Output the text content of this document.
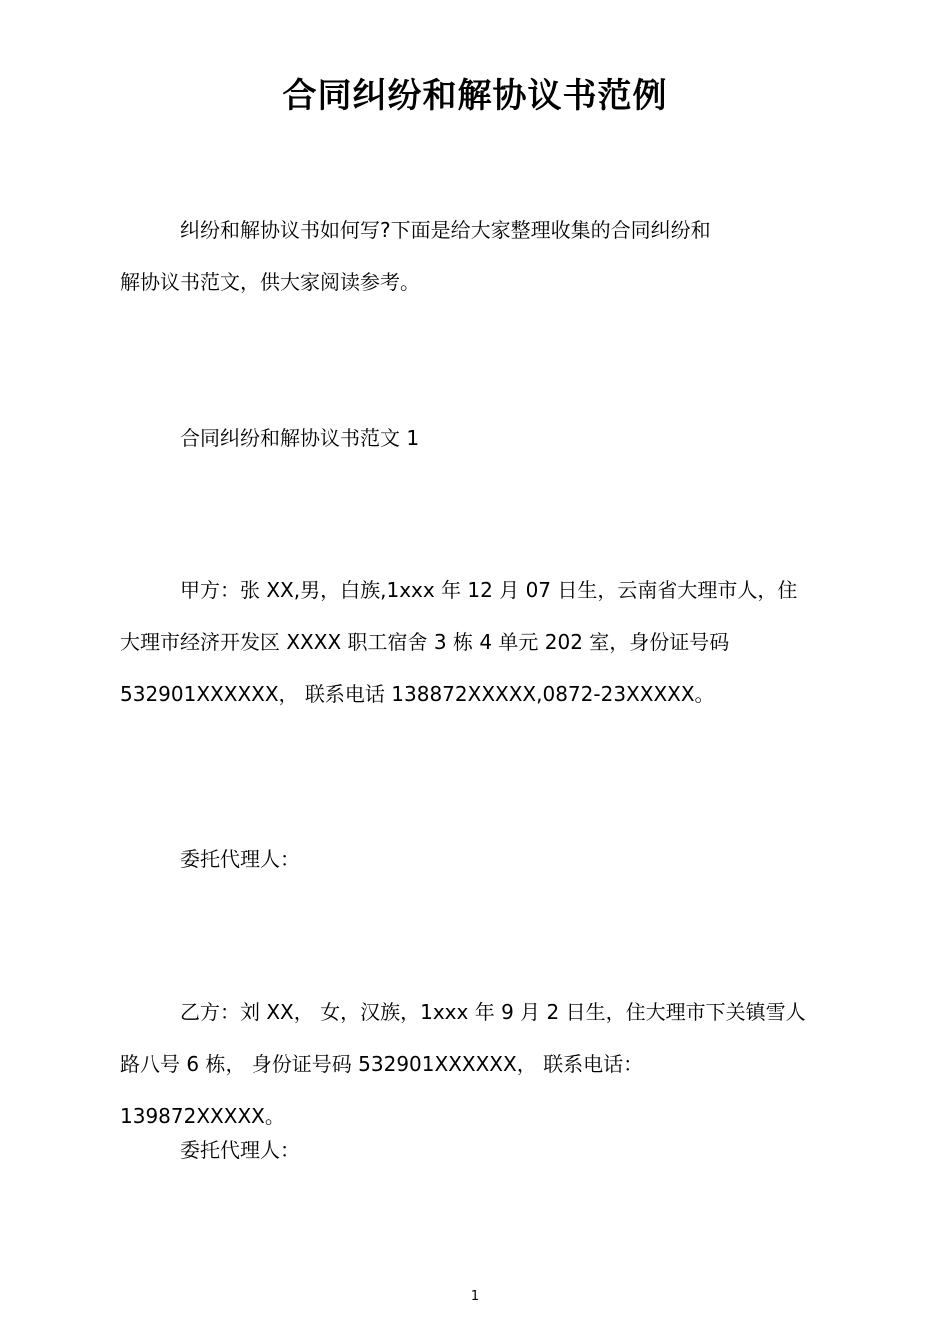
合同纠纷和解协议书范例
纠纷和解协议书如何写?下面是给大家整理收集的合同纠纷和
解协议书范文，供大家阅读参考。
合同纠纷和解协议书范文 1
甲方：张 XX,男，白族,1xxx 年 12 月 07 日生，云南省大理市人，住
大理市经济开发区 XXXX 职工宿舍 3 栋 4 单元 202 室，身份证号码
532901XXXXXX， 联系电话 138872XXXXX,0872-23XXXXX。
委托代理人：
乙方：刘 XX， 女，汉族，1xxx 年 9 月 2 日生，住大理市下关镇雪人
路八号 6 栋， 身份证号码 532901XXXXXX， 联系电话：
139872XXXXX。
委托代理人：
1
